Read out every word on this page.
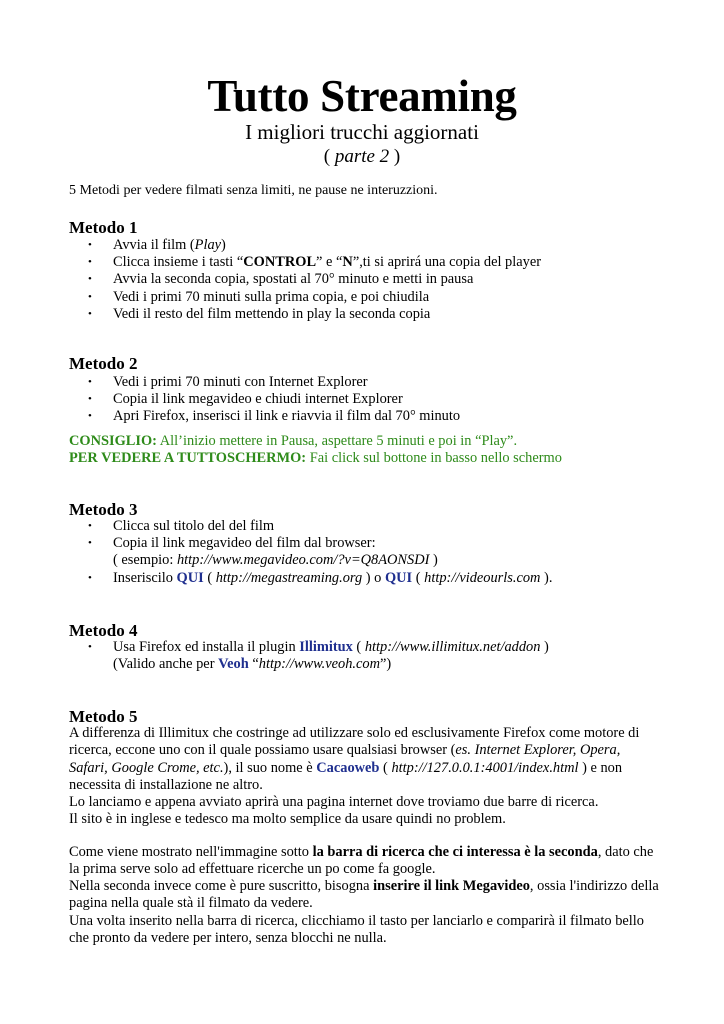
Tutto Streaming
I migliori trucchi aggiornati
( parte 2 )
5 Metodi per vedere filmati senza limiti, ne pause ne interuzzioni.
Metodo 1
• Avvia il film (Play)
• Clicca insieme i tasti “CONTROL” e “N”,ti si aprirá una copia del player
• Avvia la seconda copia, spostati al 70° minuto e metti in pausa
• Vedi i primi 70 minuti sulla prima copia, e poi chiudila
• Vedi il resto del film mettendo in play la seconda copia
Metodo 2
• Vedi i primi 70 minuti con Internet Explorer
• Copia il link megavideo e chiudi internet Explorer
• Apri Firefox, inserisci il link e riavvia il film dal 70° minuto
CONSIGLIO: All’inizio mettere in Pausa, aspettare 5 minuti e poi in “Play”.
PER VEDERE A TUTTOSCHERMO: Fai click sul bottone in basso nello schermo
Metodo 3
• Clicca sul titolo del del film
• Copia il link megavideo del film dal browser:
( esempio: http://www.megavideo.com/?v=Q8AONSDI )
• Inseriscilo QUI ( http://megastreaming.org ) o QUI ( http://videourls.com ).
Metodo 4
• Usa Firefox ed installa il plugin Illimitux ( http://www.illimitux.net/addon )
(Valido anche per Veoh “http://www.veoh.com”)
Metodo 5
A differenza di Illimitux che costringe ad utilizzare solo ed esclusivamente Firefox come motore di ricerca, eccone uno con il quale possiamo usare qualsiasi browser (es. Internet Explorer, Opera, Safari, Google Crome, etc.), il suo nome è Cacaoweb ( http://127.0.0.1:4001/index.html ) e non necessita di installazione ne altro.
Lo lanciamo e appena avviato aprirà una pagina internet dove troviamo due barre di ricerca.
Il sito è in inglese e tedesco ma molto semplice da usare quindi no problem.
Come viene mostrato nell'immagine sotto la barra di ricerca che ci interessa è la seconda, dato che la prima serve solo ad effettuare ricerche un po come fa google.
Nella seconda invece come è pure suscritto, bisogna inserire il link Megavideo, ossia l'indirizzo della pagina nella quale stà il filmato da vedere.
Una volta inserito nella barra di ricerca, clicchiamo il tasto per lanciarlo e comparirà il filmato bello che pronto da vedere per intero, senza blocchi ne nulla.
